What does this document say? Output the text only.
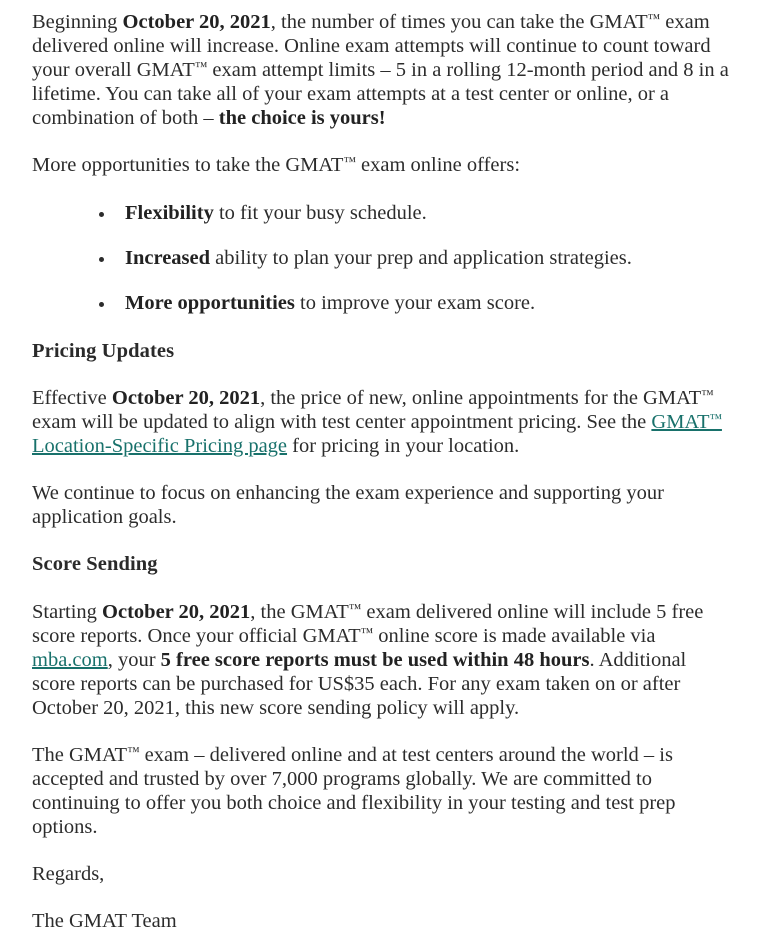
Beginning October 20, 2021, the number of times you can take the GMAT™ exam delivered online will increase. Online exam attempts will continue to count toward your overall GMAT™ exam attempt limits – 5 in a rolling 12-month period and 8 in a lifetime. You can take all of your exam attempts at a test center or online, or a combination of both – the choice is yours!

More opportunities to take the GMAT™ exam online offers:

Flexibility to fit your busy schedule.
Increased ability to plan your prep and application strategies.
More opportunities to improve your exam score.
Pricing Updates

Effective October 20, 2021, the price of new, online appointments for the GMAT™ exam will be updated to align with test center appointment pricing. See the GMAT™ Location-Specific Pricing page for pricing in your location.

We continue to focus on enhancing the exam experience and supporting your application goals.

Score Sending

Starting October 20, 2021, the GMAT™ exam delivered online will include 5 free score reports. Once your official GMAT™ online score is made available via mba.com, your 5 free score reports must be used within 48 hours. Additional score reports can be purchased for US$35 each. For any exam taken on or after October 20, 2021, this new score sending policy will apply.

The GMAT™ exam – delivered online and at test centers around the world – is accepted and trusted by over 7,000 programs globally. We are committed to continuing to offer you both choice and flexibility in your testing and test prep options.

Regards,

The GMAT Team
